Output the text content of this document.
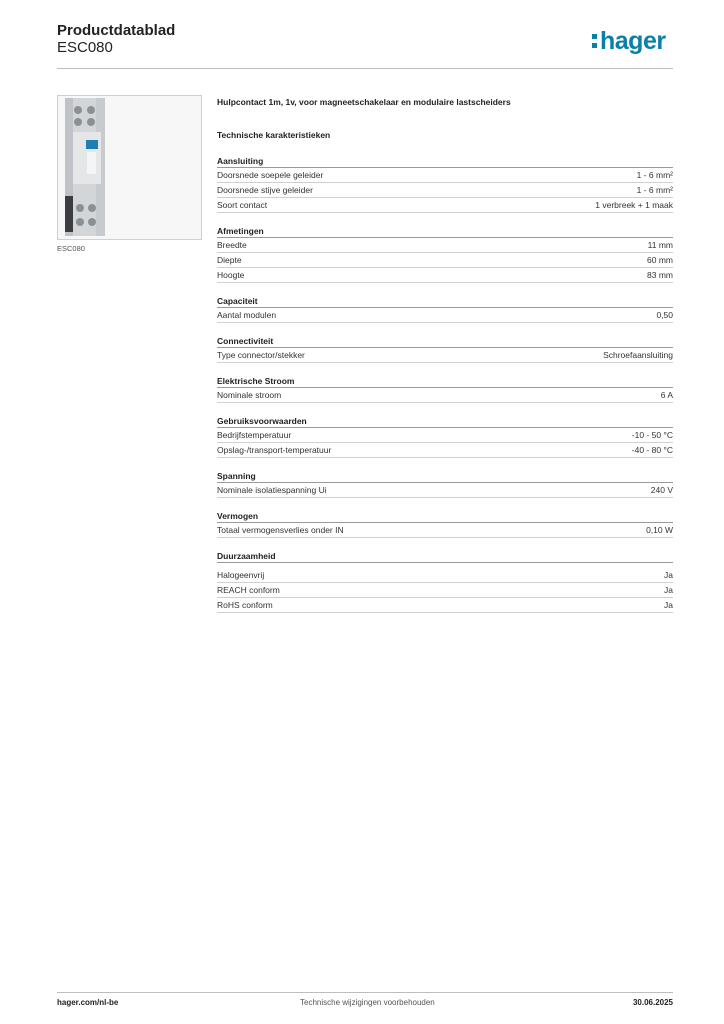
Productdatablad
ESC080	hager
ESC080
Hulpcontact 1m, 1v, voor magneetschakelaar en modulaire lastscheiders
Technische karakteristieken
Aansluiting
Doorsnede soepele geleider	1 - 6 mm²
Doorsnede stijve geleider	1 - 6 mm²
Soort contact	1 verbreek + 1 maak
Afmetingen
Breedte	11 mm
Diepte	60 mm
Hoogte	83 mm
Capaciteit
Aantal modulen	0,50
Connectiviteit
Type connector/stekker	Schroefaansluiting
Elektrische Stroom
Nominale stroom	6 A
Gebruiksvoorwaarden
Bedrijfstemperatuur	-10 - 50 °C
Opslag-/transport-temperatuur	-40 - 80 °C
Spanning
Nominale isolatiespanning Ui	240 V
Vermogen
Totaal vermogensverlies onder IN	0,10 W
Duurzaamheid
Halogeenvrij	Ja
REACH conform	Ja
RoHS conform	Ja
hager.com/nl-be	Technische wijzigingen voorbehouden	30.06.2025
